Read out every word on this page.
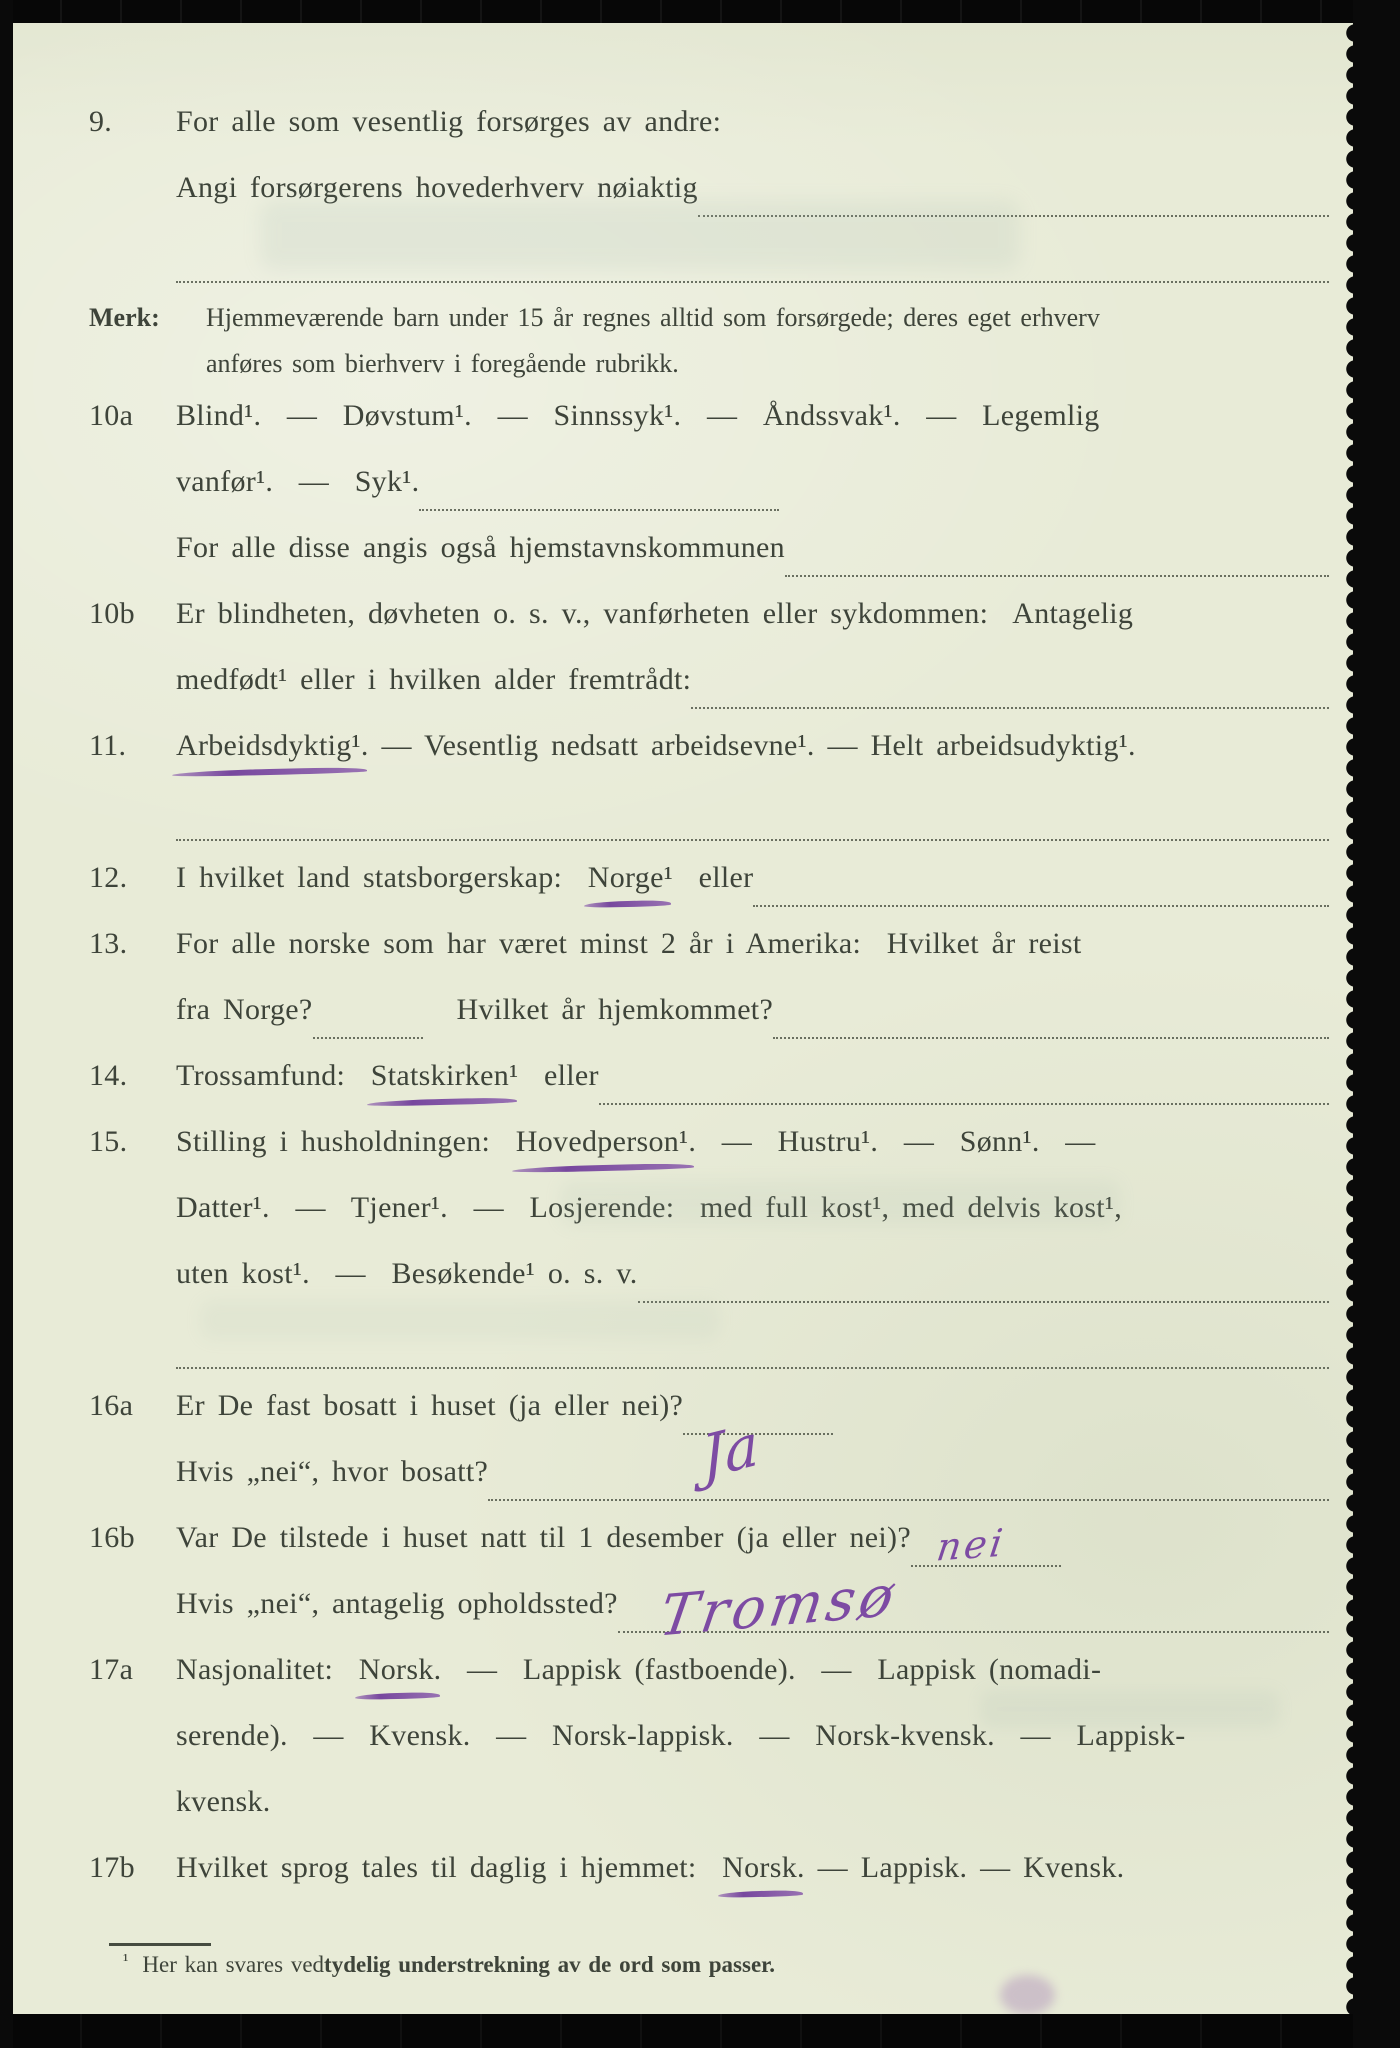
9.	For alle som vesentlig forsørges av andre:
Angi forsørgerens hovederhverv nøiaktig
Merk:	Hjemmeværende barn under 15 år regnes alltid som forsørgede; deres eget erhverv
anføres som bierhverv i foregående rubrikk.
10a	Blind¹.  —  Døvstum¹.  —  Sinnssyk¹.  —  Åndssvak¹.  —  Legemlig
vanfør¹.  —  Syk¹.
For alle disse angis også hjemstavnskommunen
10b	Er blindheten, døvheten o. s. v., vanførheten eller sykdommen:  Antagelig
medfødt¹ eller i hvilken alder fremtrådt:
11.	Arbeidsdyktig¹. — Vesentlig nedsatt arbeidsevne¹. — Helt arbeidsudyktig¹.
12.	I hvilket land statsborgerskap: Norge¹ eller
13.	For alle norske som har været minst 2 år i Amerika:  Hvilket år reist
fra Norge?	Hvilket år hjemkommet?
14.	Trossamfund: Statskirken¹ eller
15.	Stilling i husholdningen: Hovedperson¹. —  Hustru¹.  —  Sønn¹.  —
Datter¹.  —  Tjener¹.  —  Losjerende:  med full kost¹, med delvis kost¹,
uten kost¹.  —  Besøkende¹ o. s. v.
16a	Er De fast bosatt i huset (ja eller nei)?
Ja
Hvis „nei“, hvor bosatt?
16b	Var De tilstede i huset natt til 1 desember (ja eller nei)? nei
Hvis „nei“, antagelig opholdssted? Tromsø
17a	Nasjonalitet: Norsk. —  Lappisk (fastboende).  —  Lappisk (nomadi-
serende).  —  Kvensk.  —  Norsk-lappisk.  —  Norsk-kvensk.  —  Lappisk-
kvensk.
17b	Hvilket sprog tales til daglig i hjemmet: Norsk. — Lappisk. — Kvensk.
¹ Her kan svares ved tydelig understrekning av de ord som passer.
